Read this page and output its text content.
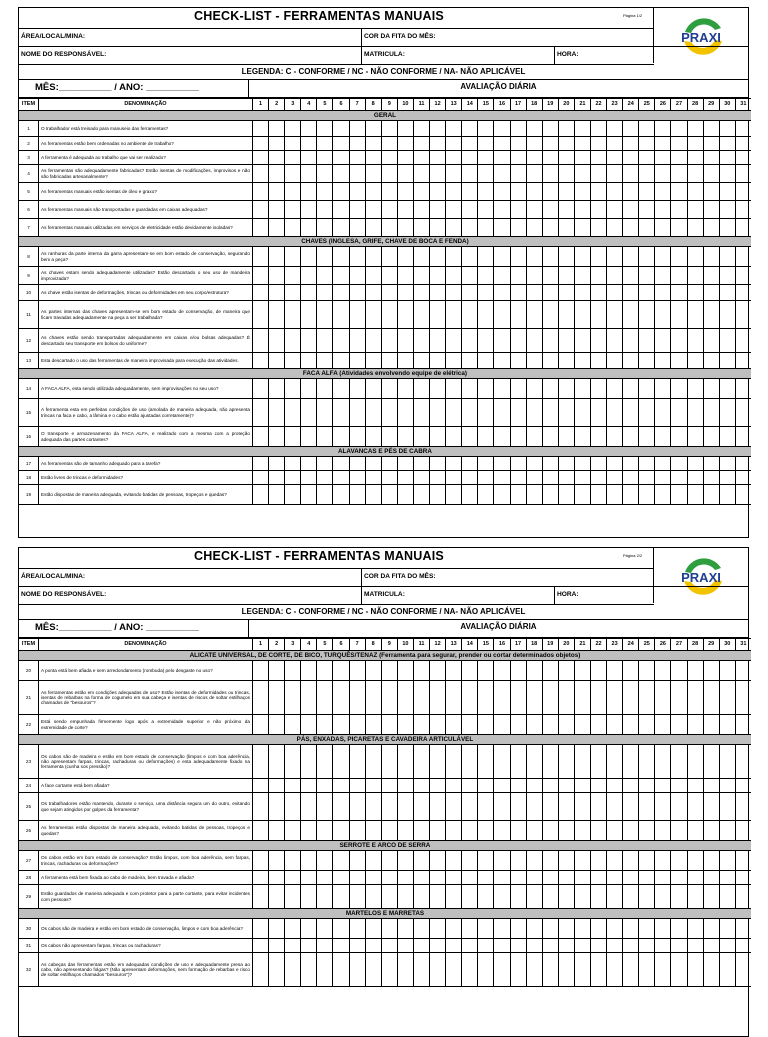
CHECK-LIST - FERRAMENTAS MANUAIS	Página 1/2
PRAXI
ÁREA/LOCAL/MINA:	COR DA FITA DO MÊS:
NOME DO RESPONSÁVEL:	MATRICULA:	HORA:
LEGENDA: C - CONFORME / NC - NÃO CONFORME / NA- NÃO APLICÁVEL
MÊS:__________ / ANO: __________	AVALIAÇÃO DIÁRIA
ITEM	DENOMINAÇÃO	1	2	3	4	5	6	7	8	9	10	11	12	13	14	15	16	17	18	19	20	21	22	23	24	25	26	27	28	29	30	31
GERAL																																
1	O trabalhador está treinado para manuseio das ferramentas?																															
2	As ferramentas estão bem ordenadas no ambiente de trabalho?																															
3	A ferramenta é adequada ao trabalho que vai ser realizado?																															
4	As ferramentas são adequadamente fabricadas? Estão isentas de modificações, improvisos e não são fabricadas artesanalmente?																															
5	As ferramentas manuais estão isentas de óleo e graxo?																															
6	As ferramentas manuais são transportadas e guardadas em caixas adequadas?																															
7	As ferramentas manuais utilizadas em serviços de eletricidade estão devidamente isoladas?																															
CHAVES (INGLESA, GRIFE, CHAVE DE BOCA E FENDA)																																
8	As ranhuras da parte interna da garra apresentam-se em bom estado de conservação, segurando bem a peça?																															
9	As chaves estam sendo adequadamente utilizadas? Estão descartado o seu uso de mandeira improvizada?																															
10	As chave estão isentas de deformações, trincas ou deformidades em seu corpo/estrutura?																															
11	As partes internas das chaves apresentam-se em bom estado de conservação, de maneira que ficam travadas adequadamente na peça a ser trabalhada?																															
12	As chaves estão sendo transportadas adequadamente em caixas e/ou bolsas adequadas? É descartado seu transporte em bolsos do uniforme?																															
13	Esta descartado o uso das ferramentas de maneira improvisada para execução das atividades.																															
FACA ALFA (Atividades envolvendo equipe de elétrica)																																
14	A FACA ALFA, esta sendo utilizada adequadamente, sem improvisações no seu uso?																															
15	A ferramenta esta em perfeitas condições de uso (amolada de maneira adequada, não apresenta trincas na faca e cabo, a lâmina e o cabo estão ajustadas corretamente)?																															
16	O transporte e armazenamento da FACA ALFA, e realizado com a mesma com a proteção adequada das partes cortantes?																															
ALAVANCAS E PÉS DE CABRA																																
17	As ferramentas são de tamanho adequado para a tarefa?																															
18	Estão livres de trincas e deformidades?																															
19	Estão dispostas de maneira adequada, evitando batidas de pessoas, tropeços e quedas?																															
CHECK-LIST - FERRAMENTAS MANUAIS	Página 2/2
PRAXI
ÁREA/LOCAL/MINA:	COR DA FITA DO MÊS:
NOME DO RESPONSÁVEL:	MATRICULA:	HORA:
LEGENDA: C - CONFORME / NC - NÃO CONFORME / NA- NÃO APLICÁVEL
MÊS:__________ / ANO: __________	AVALIAÇÃO DIÁRIA
ITEM	DENOMINAÇÃO	1	2	3	4	5	6	7	8	9	10	11	12	13	14	15	16	17	18	19	20	21	22	23	24	25	26	27	28	29	30	31
ALICATE UNIVERSAL, DE CORTE, DE BICO, TURQUÊS/TENAZ (Ferramenta para segurar, prender ou cortar determinados objetos)																																
20	A ponta está bem afiada e sem arredondamento (rombuda) pelo desgaste no uso?																															
21	As ferramentas estão em condições adequadas de uso? Estão isentas de deformidades ou trincas, isentas de rebarbas na forma de cogumelo em sua cabeça e isentas de riscos de soltar estilhaços chamados de "besouros"?																															
22	Está sendo empunhada firmemente logo após a extremidade superior e não próximo da extremidade de corte?																															
PÁS, ENXADAS, PICARETAS E CAVADEIRA ARTICULÁVEL																																
23	Os cabos são de madeira e estão em bom estado de conservação (limpos e com boa aderência, não apresentam farpas, trincas, rachaduras ou deformações) e esta adequadamente fixado na ferramenta (cunha sos pressão)?																															
24	A face cortante está bem afiada?																															
25	Os trabalhadores estão mantendo, durante o serviço, uma distância segura um do outro, evitando que sejam atingidos por golpes da ferramenta?																															
26	As ferramentas estão dispostas de maneira adequada, evitando batidas de pessoas, tropeços e quedas?																															
SERROTE E ARCO DE SERRA																																
27	Os cabos estão em bom estado de conservação? Estão limpos, com boa aderência, sem farpas, trincas, rachaduras ou deformações?																															
28	A ferramenta está bem fixada ao cabo de madeira, bem travada e afiada?																															
29	Estão guardados de maneira adequada e com protetor para a parte cortante, para evitar incidentes com pessoas?																															
MARTELOS E MARRETAS																																
30	Os cabos são de madeira e estão em bom estado de conservação, limpos e com boa aderência?																															
31	Os cabos não apresentam farpas, trincas ou rachaduras?																															
32	As cabeças das ferramentas estão em adequadas condições de uso e adequadamente presa ao cabo, não apresentando folgas? (Não apresentam deformações, nem formação de rebarbas e risco de soltar estilhaços chamados "besouros")?																															
